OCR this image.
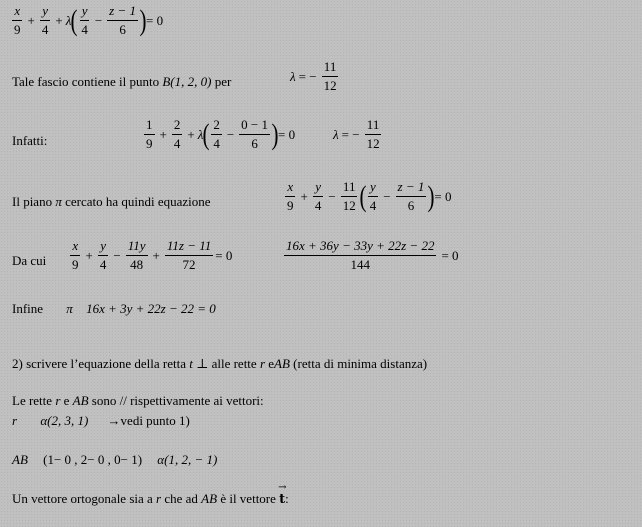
$\frac{x}{9} + \frac{y}{4} + \lambda$ ( $\frac{y}{4} - \frac{z - 1}{6}$ ) = 0
Tale fascio contiene il punto B(1, 2, 0) per	λ = − $\frac{11}{12}$
Infatti:	$\frac{1}{9} + \frac{2}{4} + \lambda$ ( $\frac{2}{4} - \frac{0 - 1}{6}$ ) = 0	λ = − $\frac{11}{12}$
Il piano π cercato ha quindi equazione	$\frac{x}{9} + \frac{y}{4} - \frac{11}{12}$ ( $\frac{y}{4} - \frac{z - 1}{6}$ ) = 0
Da cui $\frac{x}{9} + \frac{y}{4} - \frac{11y}{48} + \frac{11z - 11}{72} = 0$	$\frac{16x + 36y - 33y + 22z - 22}{144} = 0$
Infine π 16x + 3y + 22z − 22 = 0
2) scrivere l’equazione della retta t ⊥ alle rette r eAB (retta di minima distanza)
Le rette r e AB sono // rispettivamente ai vettori:
r α(2, 3, 1) →vedi punto 1)
AB (1− 0 , 2− 0 , 0− 1) α(1, 2, − 1)
Un vettore ortogonale sia a r che ad AB è il vettore → t:
